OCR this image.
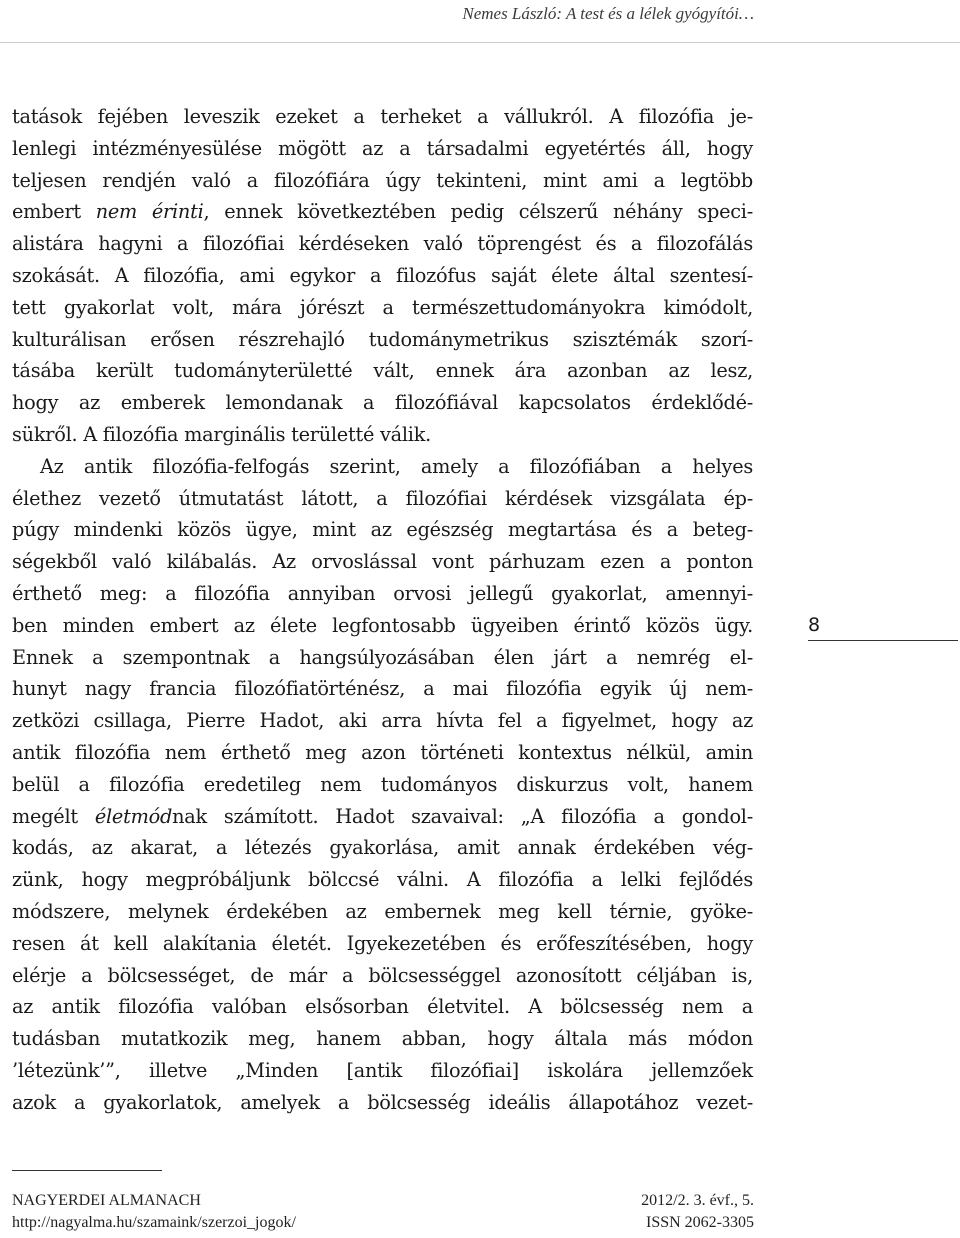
Nemes László: A test és a lélek gyógyítói…
tatások fejében leveszik ezeket a terheket a vállukról. A filozófia je-
lenlegi intézményesülése mögött az a társadalmi egyetértés áll, hogy
teljesen rendjén való a filozófiára úgy tekinteni, mint ami a legtöbb
embert nem érinti, ennek következtében pedig célszerű néhány speci-
alistára hagyni a filozófiai kérdéseken való töprengést és a filozofálás
szokását. A filozófia, ami egykor a filozófus saját élete által szentesí-
tett gyakorlat volt, mára jórészt a természettudományokra kimódolt,
kulturálisan erősen részrehajló tudománymetrikus szisztémák szorí-
tásába került tudományterületté vált, ennek ára azonban az lesz,
hogy az emberek lemondanak a filozófiával kapcsolatos érdeklődé-
sükről. A filozófia marginális területté válik.
Az antik filozófia-felfogás szerint, amely a filozófiában a helyes
élethez vezető útmutatást látott, a filozófiai kérdések vizsgálata ép-
púgy mindenki közös ügye, mint az egészség megtartása és a beteg-
ségekből való kilábalás. Az orvoslással vont párhuzam ezen a ponton
érthető meg: a filozófia annyiban orvosi jellegű gyakorlat, amennyi-
ben minden embert az élete legfontosabb ügyeiben érintő közös ügy.
Ennek a szempontnak a hangsúlyozásában élen járt a nemrég el-
hunyt nagy francia filozófiatörténész, a mai filozófia egyik új nem-
zetközi csillaga, Pierre Hadot, aki arra hívta fel a figyelmet, hogy az
antik filozófia nem érthető meg azon történeti kontextus nélkül, amin
belül a filozófia eredetileg nem tudományos diskurzus volt, hanem
megélt életmódnak számított. Hadot szavaival: „A filozófia a gondol-
kodás, az akarat, a létezés gyakorlása, amit annak érdekében vég-
zünk, hogy megpróbáljunk bölccsé válni. A filozófia a lelki fejlődés
módszere, melynek érdekében az embernek meg kell térnie, gyöke-
resen át kell alakítania életét. Igyekezetében és erőfeszítésében, hogy
elérje a bölcsességet, de már a bölcsességgel azonosított céljában is,
az antik filozófia valóban elsősorban életvitel. A bölcsesség nem a
tudásban mutatkozik meg, hanem abban, hogy általa más módon
’létezünk’”, illetve „Minden [antik filozófiai] iskolára jellemzőek
azok a gyakorlatok, amelyek a bölcsesség ideális állapotához vezet-
8
NAGYERDEI ALMANACH	2012/2. 3. évf., 5.
http://nagyalma.hu/szamaink/szerzoi_jogok/	ISSN 2062-3305
